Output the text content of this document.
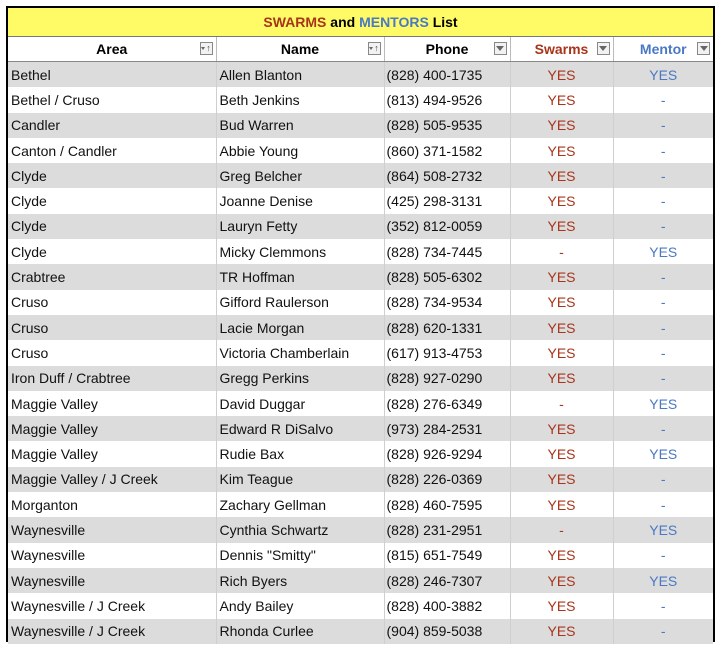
SWARMS and MENTORS List
Area ↑	Name ↑	Phone	Swarms	Mentor

Bethel	Allen Blanton	(828) 400-1735	YES	YES
Bethel / Cruso	Beth Jenkins	(813) 494-9526	YES	-
Candler	Bud Warren	(828) 505-9535	YES	-
Canton / Candler	Abbie Young	(860) 371-1582	YES	-
Clyde	Greg Belcher	(864) 508-2732	YES	-
Clyde	Joanne Denise	(425) 298-3131	YES	-
Clyde	Lauryn Fetty	(352) 812-0059	YES	-
Clyde	Micky Clemmons	(828) 734-7445	-	YES
Crabtree	TR Hoffman	(828) 505-6302	YES	-
Cruso	Gifford Raulerson	(828) 734-9534	YES	-
Cruso	Lacie Morgan	(828) 620-1331	YES	-
Cruso	Victoria Chamberlain	(617) 913-4753	YES	-
Iron Duff / Crabtree	Gregg Perkins	(828) 927-0290	YES	-
Maggie Valley	David Duggar	(828) 276-6349	-	YES
Maggie Valley	Edward R DiSalvo	(973) 284-2531	YES	-
Maggie Valley	Rudie Bax	(828) 926-9294	YES	YES
Maggie Valley / J Creek	Kim Teague	(828) 226-0369	YES	-
Morganton	Zachary Gellman	(828) 460-7595	YES	-
Waynesville	Cynthia Schwartz	(828) 231-2951	-	YES
Waynesville	Dennis "Smitty"	(815) 651-7549	YES	-
Waynesville	Rich Byers	(828) 246-7307	YES	YES
Waynesville / J Creek	Andy Bailey	(828) 400-3882	YES	-
Waynesville / J Creek	Rhonda Curlee	(904) 859-5038	YES	-
